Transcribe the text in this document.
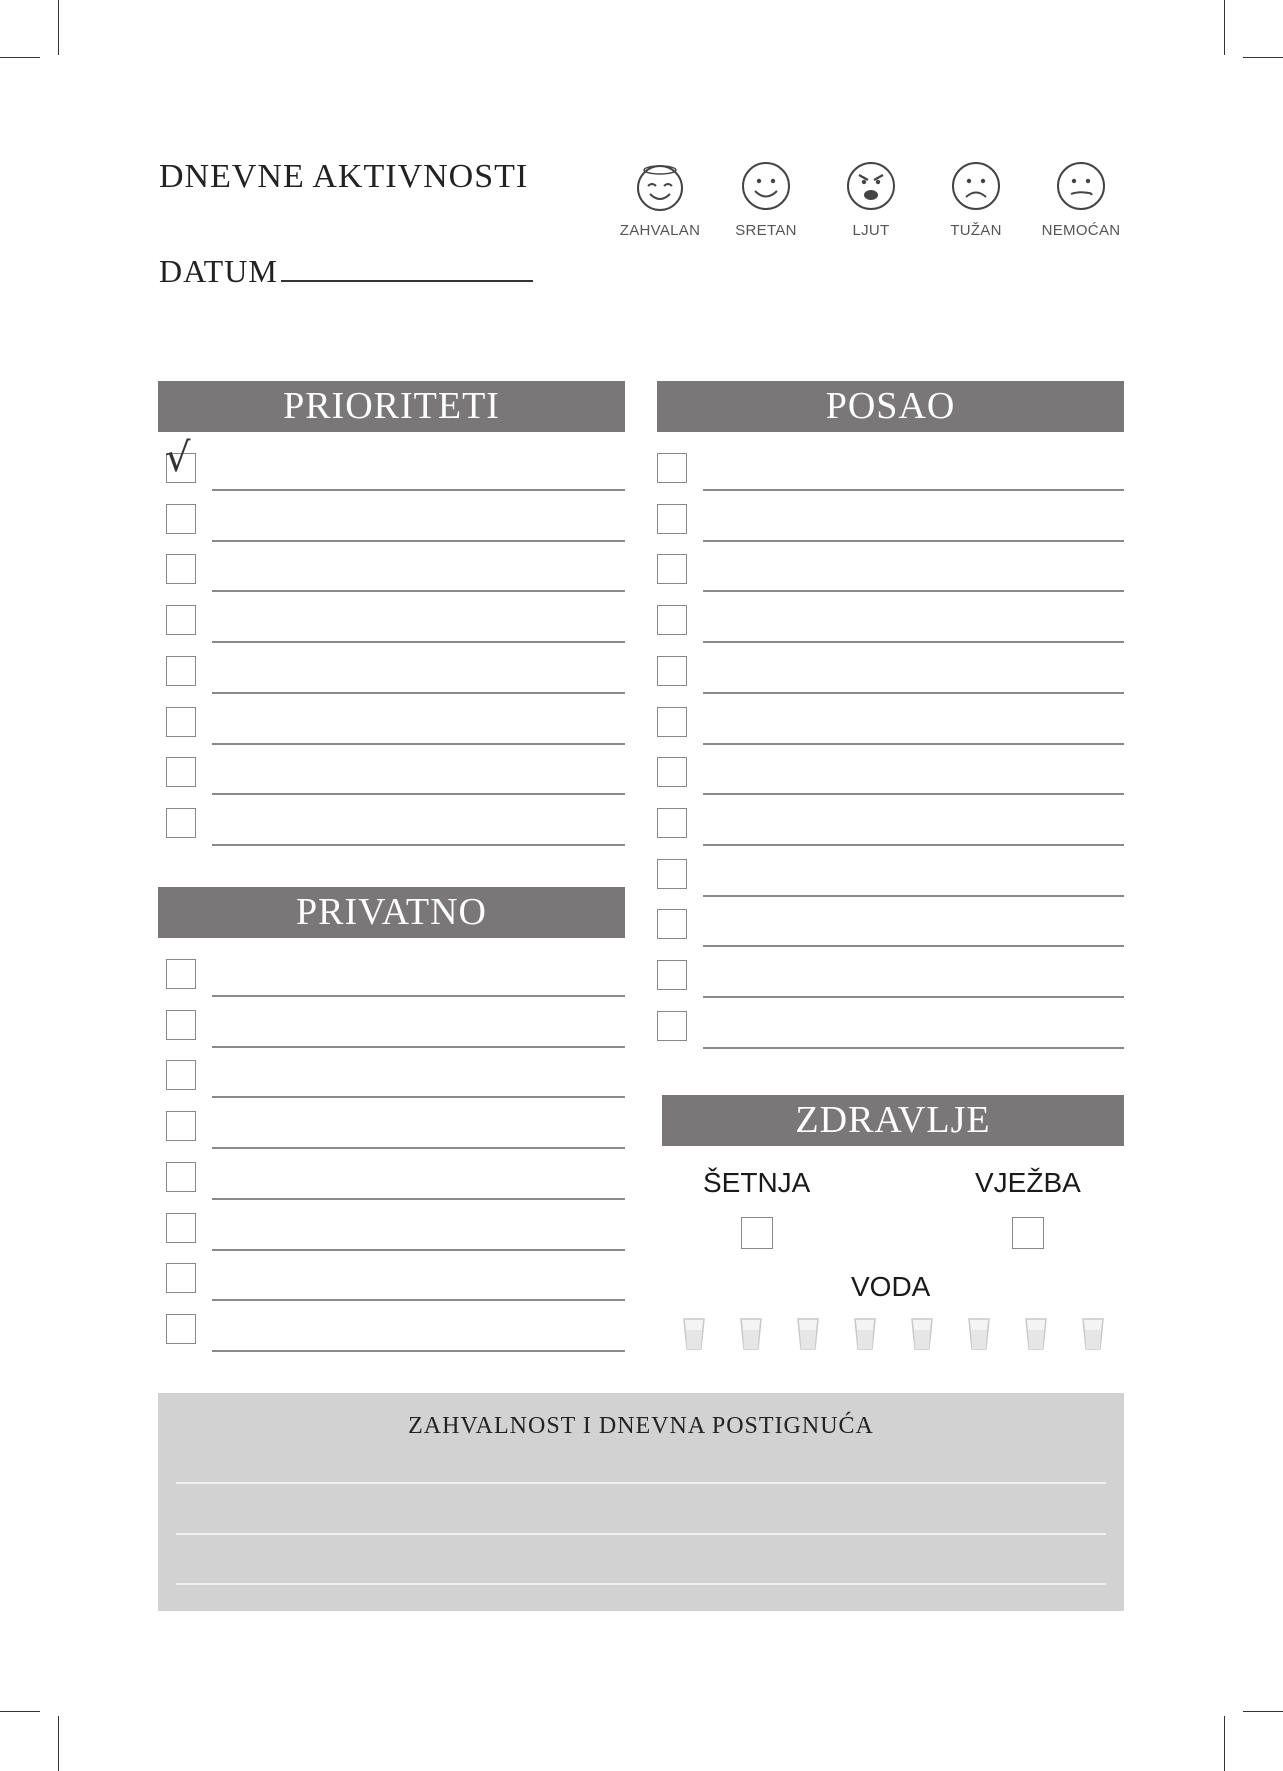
DNEVNE AKTIVNOSTI
DATUM
ZAHVALAN	SRETAN	LJUT	TUŽAN	NEMOĆAN
PRIORITETI	POSAO
PRIVATNO
ZDRAVLJE
√
ŠETNJA	VJEŽBA
VODA
ZAHVALNOST I DNEVNA POSTIGNUĆA
